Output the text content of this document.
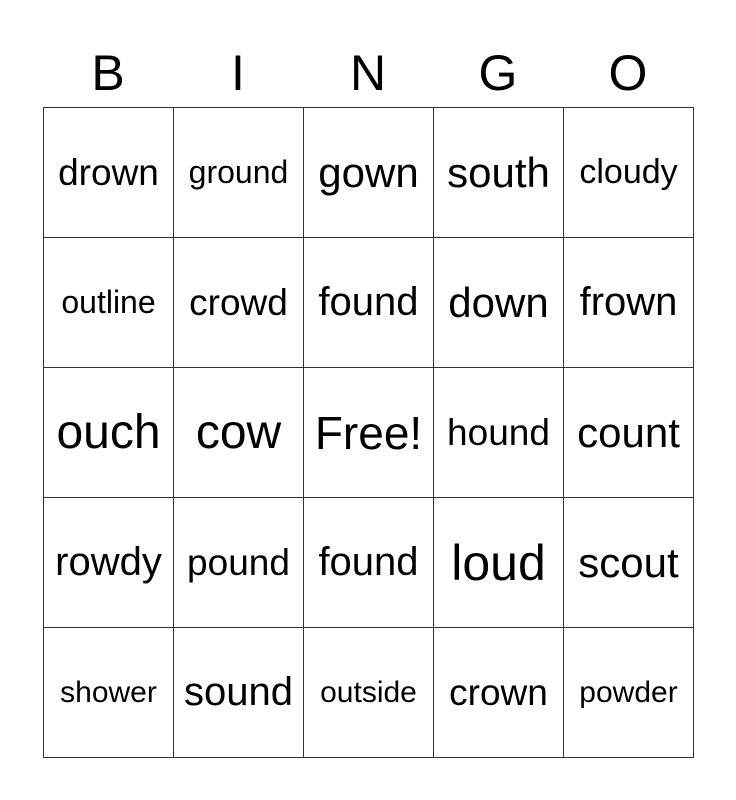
B	I	N	G	O
drown	ground	gown	south	cloudy
outline	crowd	found	down	frown
ouch	cow	Free!	hound	count
rowdy	pound	found	loud	scout
shower	sound	outside	crown	powder
